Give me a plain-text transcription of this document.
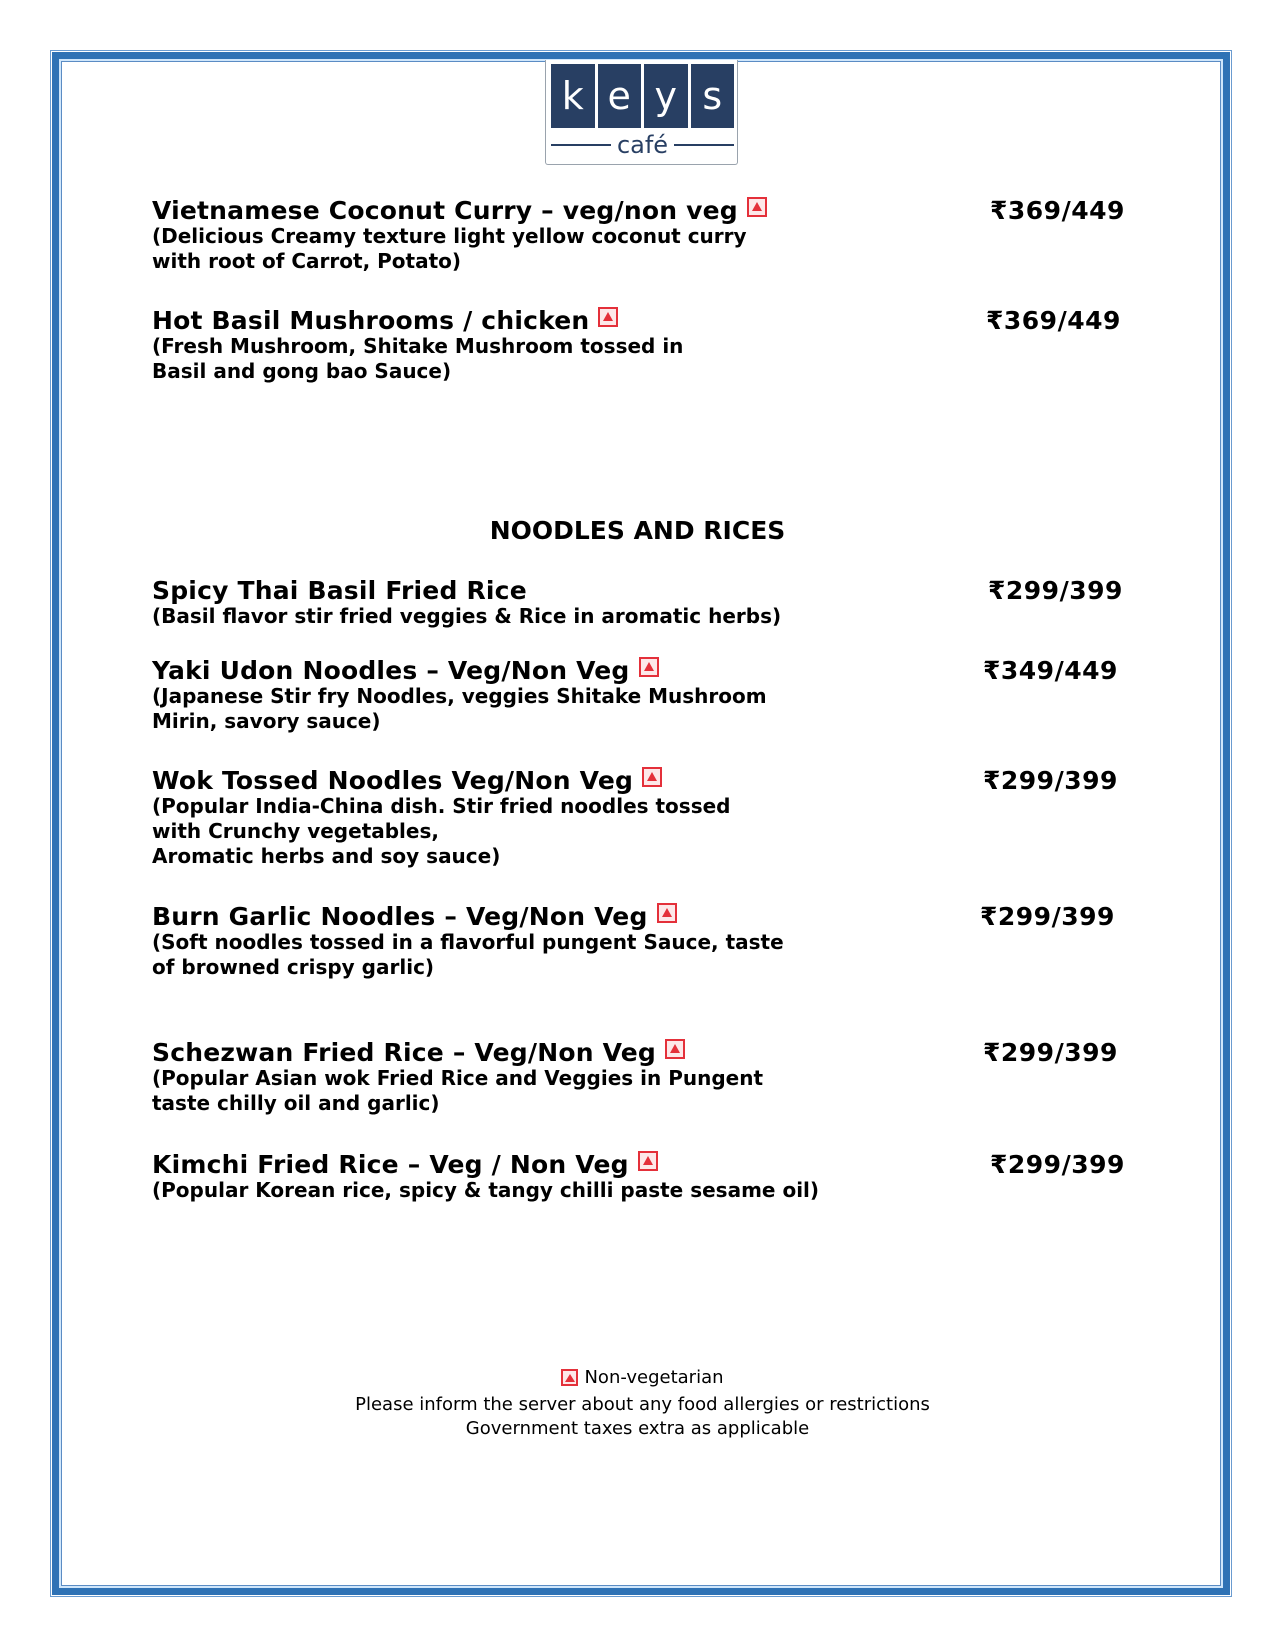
k e y s
café
Vietnamese Coconut Curry – veg/non veg	₹369/449
(Delicious Creamy texture light yellow coconut curry
with root of Carrot, Potato)
Hot Basil Mushrooms / chicken	₹369/449
(Fresh Mushroom, Shitake Mushroom tossed in
Basil and gong bao Sauce)
NOODLES AND RICES
Spicy Thai Basil Fried Rice	₹299/399
(Basil flavor stir fried veggies & Rice in aromatic herbs)
Yaki Udon Noodles – Veg/Non Veg	₹349/449
(Japanese Stir fry Noodles, veggies Shitake Mushroom
Mirin, savory sauce)
Wok Tossed Noodles Veg/Non Veg	₹299/399
(Popular India-China dish. Stir fried noodles tossed
with Crunchy vegetables,
Aromatic herbs and soy sauce)
Burn Garlic Noodles – Veg/Non Veg	₹299/399
(Soft noodles tossed in a flavorful pungent Sauce, taste
of browned crispy garlic)
Schezwan Fried Rice – Veg/Non Veg	₹299/399
(Popular Asian wok Fried Rice and Veggies in Pungent
taste chilly oil and garlic)
Kimchi Fried Rice – Veg / Non Veg	₹299/399
(Popular Korean rice, spicy & tangy chilli paste sesame oil)
Non-vegetarian
Please inform the server about any food allergies or restrictions
Government taxes extra as applicable
